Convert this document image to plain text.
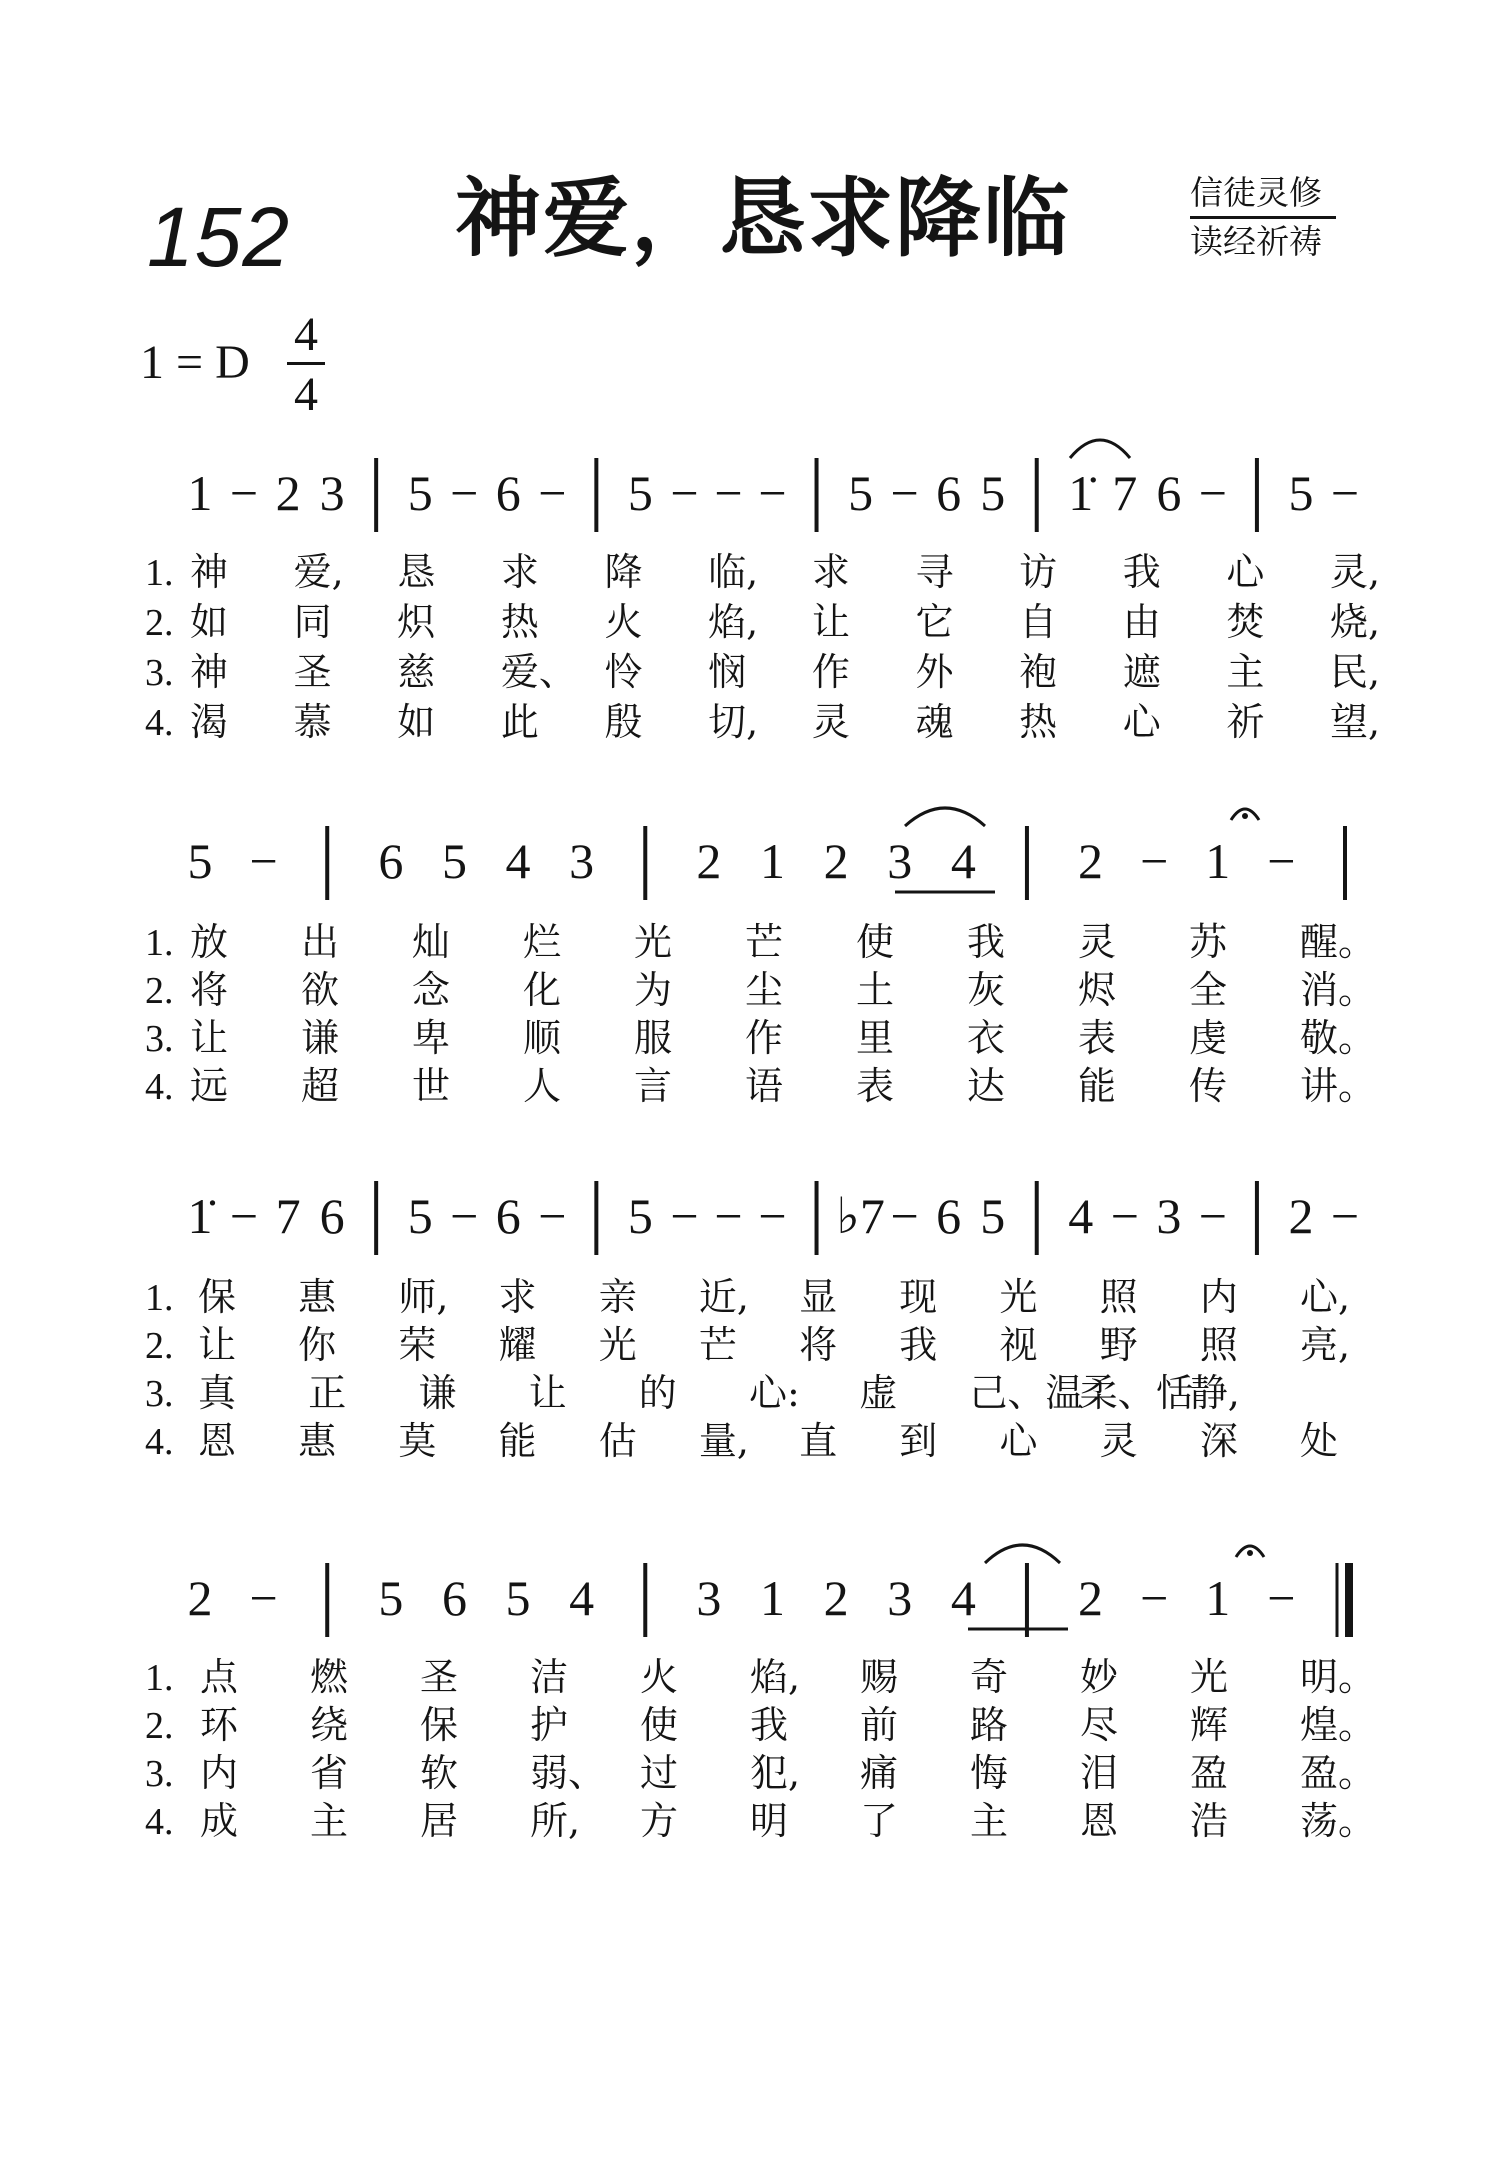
152 神爱，恳求降临	信徒灵修
读经祈祷
1 = D
4
4
1 − 2 3 5 − 6 − 5 − − − 5 − 6 5 1̇ 7 6 − 5 −
1. 神 爱, 恳 求 降 临, 求 寻 访 我 心 灵,
2. 如 同 炽 热 火 焰, 让 它 自 由 焚 烧,
3. 神 圣 慈 爱、 怜 悯 作 外 袍 遮 主 民,
4. 渴 慕 如 此 殷 切, 灵 魂 热 心 祈 望,
5 − 6 5 4 3 2 1 2 3 4 2 − 1 −
1. 放 出 灿 烂 光 芒 使 我 灵 苏 醒。
2. 将 欲 念 化 为 尘 土 灰 烬 全 消。
3. 让 谦 卑 顺 服 作 里 衣 表 虔 敬。
4. 远 超 世 人 言 语 表 达 能 传 讲。
1̇ − 7 6 5 − 6 − 5 − − − ♭7 − 6 5 4 − 3 − 2 −
1. 保 惠 师, 求 亲 近, 显 现 光 照 内 心,
2. 让 你 荣 耀 光 芒 将 我 视 野 照 亮,
3. 真 正 谦 让 的 心: 虚 己、温
柔、恬
静,
4. 恩 惠 莫 能 估 量, 直 到 心 灵 深 处
2 − 5 6 5 4 3 1 2 3 4 2 − 1 −
1. 点 燃 圣 洁 火 焰, 赐 奇 妙 光 明。
2. 环 绕 保 护 使 我 前 路 尽 辉 煌。
3. 内 省 软 弱、 过 犯, 痛 悔 泪 盈 盈。
4. 成 主 居 所, 方 明 了 主 恩 浩 荡。
